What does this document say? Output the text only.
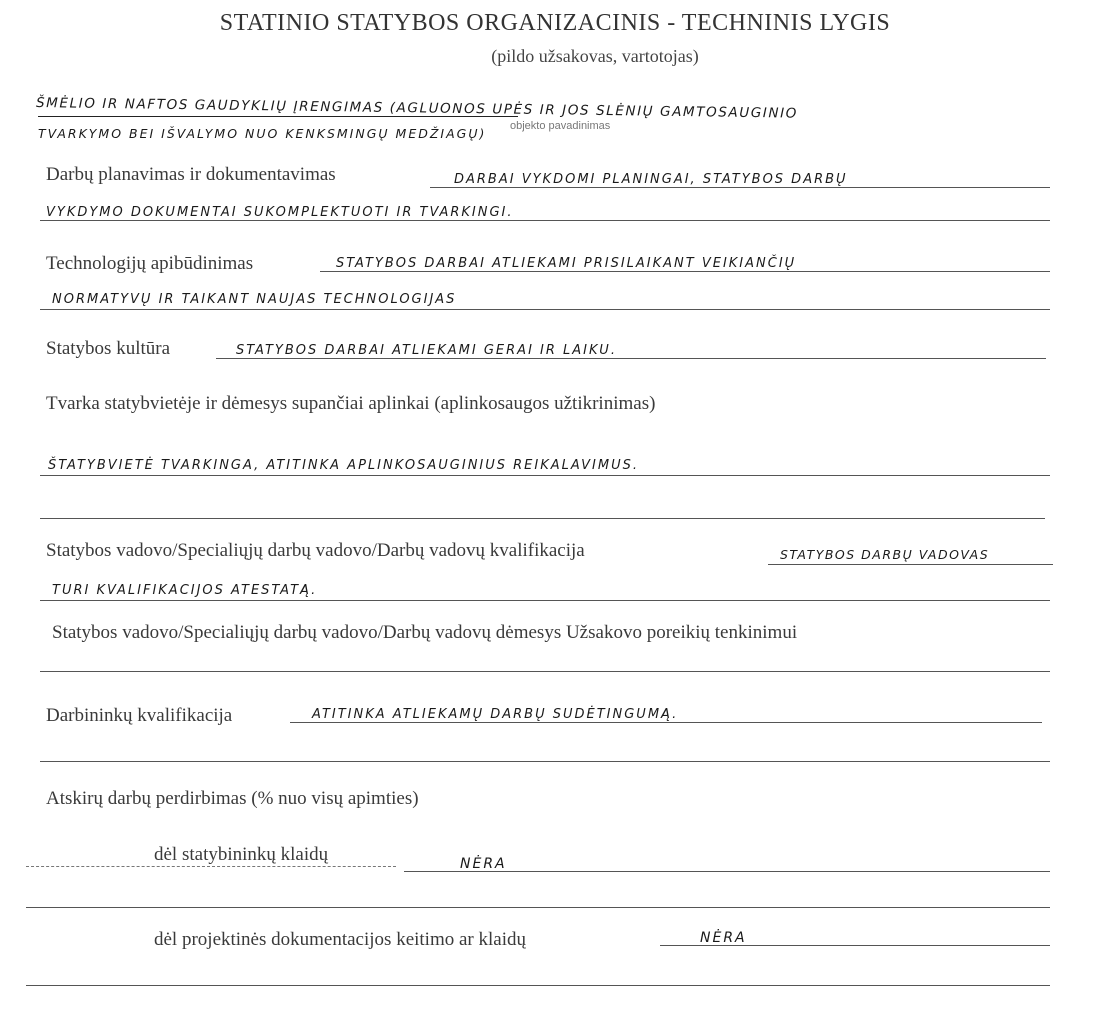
STATINIO STATYBOS ORGANIZACINIS - TECHNINIS LYGIS
(pildo užsakovas, vartotojas)
ŠMĖLIO IR NAFTOS GAUDYKLIŲ ĮRENGIMAS (AGLUONOS UPĖS IR JOS SLĖNIŲ GAMTOSAUGINIO
TVARKYMO BEI IŠVALYMO NUO KENKSMINGŲ MEDŽIAGŲ) objekto pavadinimas
Darbų planavimas ir dokumentavimas	DARBAI VYKDOMI PLANINGAI, STATYBOS DARBŲ
VYKDYMO DOKUMENTAI SUKOMPLEKTUOTI IR TVARKINGI.
Technologijų apibūdinimas	STATYBOS DARBAI ATLIEKAMI PRISILAIKANT VEIKIANČIŲ
NORMATYVŲ IR TAIKANT NAUJAS TECHNOLOGIJAS
Statybos kultūra	STATYBOS DARBAI ATLIEKAMI GERAI IR LAIKU.
Tvarka statybvietėje ir dėmesys supančiai aplinkai (aplinkosaugos užtikrinimas)
ŠTATYBVIETĖ TVARKINGA, ATITINKA APLINKOSAUGINIUS REIKALAVIMUS.
Statybos vadovo/Specialiųjų darbų vadovo/Darbų vadovų kvalifikacija	STATYBOS DARBŲ VADOVAS
TURI KVALIFIKACIJOS ATESTATĄ.
Statybos vadovo/Specialiųjų darbų vadovo/Darbų vadovų dėmesys Užsakovo poreikių tenkinimui
Darbininkų kvalifikacija	ATITINKA ATLIEKAMŲ DARBŲ SUDĖTINGUMĄ.
Atskirų darbų perdirbimas (% nuo visų apimties)
dėl statybininkų klaidų	NĖRA
dėl projektinės dokumentacijos keitimo ar klaidų	NĖRA
